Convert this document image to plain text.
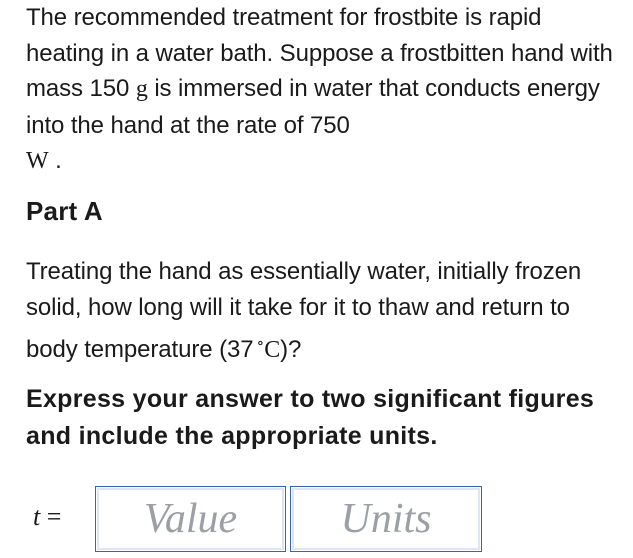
The recommended treatment for frostbite is rapid heating in a water bath. Suppose a frostbitten hand with mass 150 g is immersed in water that conducts energy into the hand at the rate of 750
W .
Part A
Treating the hand as essentially water, initially frozen solid, how long will it take for it to thaw and return to body temperature (37 ∘C)?
Express your answer to two significant figures and include the appropriate units.
t =
Value
Units
